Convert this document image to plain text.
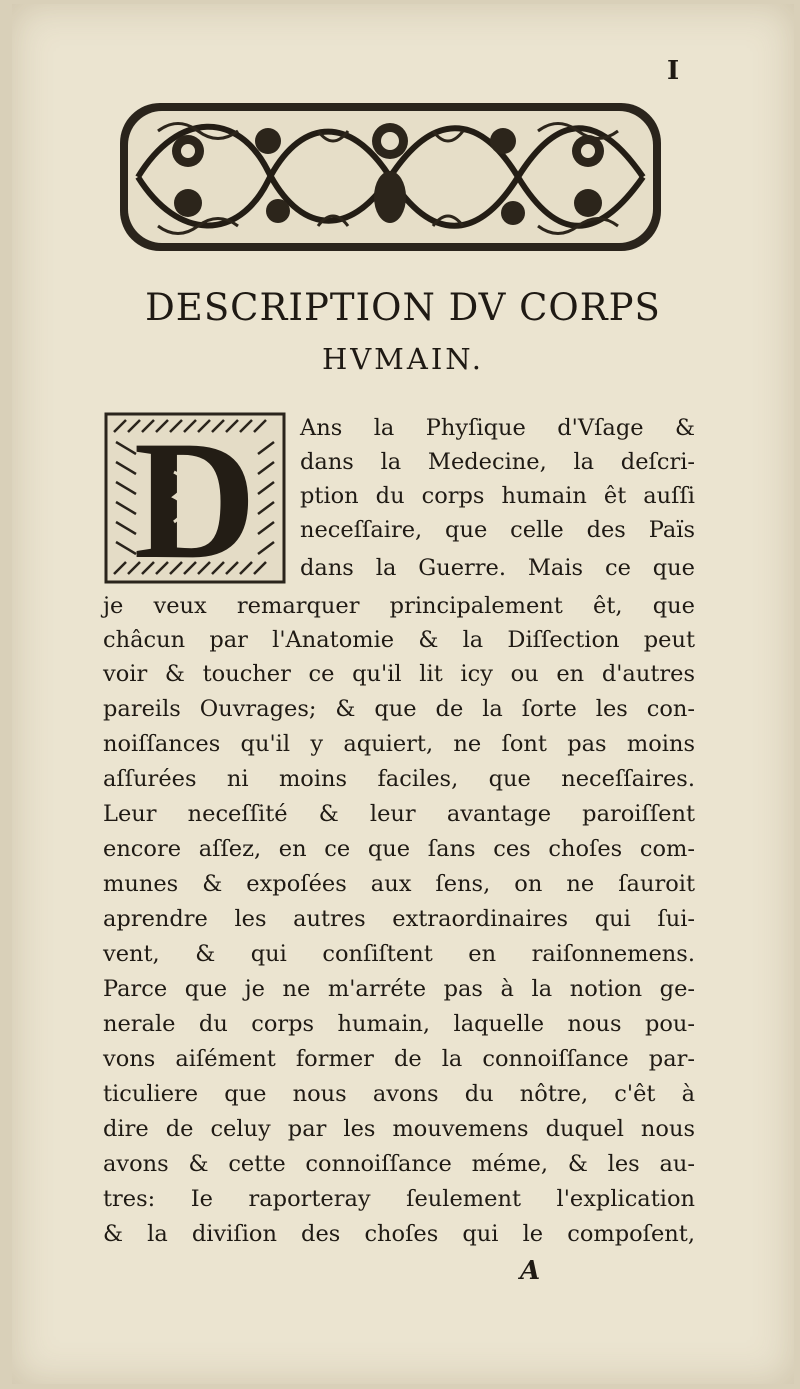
I
DESCRIPTION DV CORPS
HVMAIN.
D Ans la Phyſique d'Vſage &
dans la Medecine, la deſcri-
ption du corps humain êt auſſi
neceſſaire, que celle des Païs
dans la Guerre. Mais ce que
je veux remarquer principalement êt, que
châcun par l'Anatomie & la Diſſection peut
voir & toucher ce qu'il lit icy ou en d'autres
pareils Ouvrages; & que de la ſorte les con-
noiſſances qu'il y aquiert, ne ſont pas moins
aſſurées ni moins faciles, que neceſſaires.
Leur neceſſité & leur avantage paroiſſent
encore aſſez, en ce que ſans ces choſes com-
munes & expoſées aux ſens, on ne ſauroit
aprendre les autres extraordinaires qui ſui-
vent, & qui conſiſtent en raiſonnemens.
Parce que je ne m'arréte pas à la notion ge-
nerale du corps humain, laquelle nous pou-
vons aiſément former de la connoiſſance par-
ticuliere que nous avons du nôtre, c'êt à
dire de celuy par les mouvemens duquel nous
avons & cette connoiſſance méme, & les au-
tres: Ie raporteray ſeulement l'explication
& la diviſion des choſes qui le compoſent,
A
